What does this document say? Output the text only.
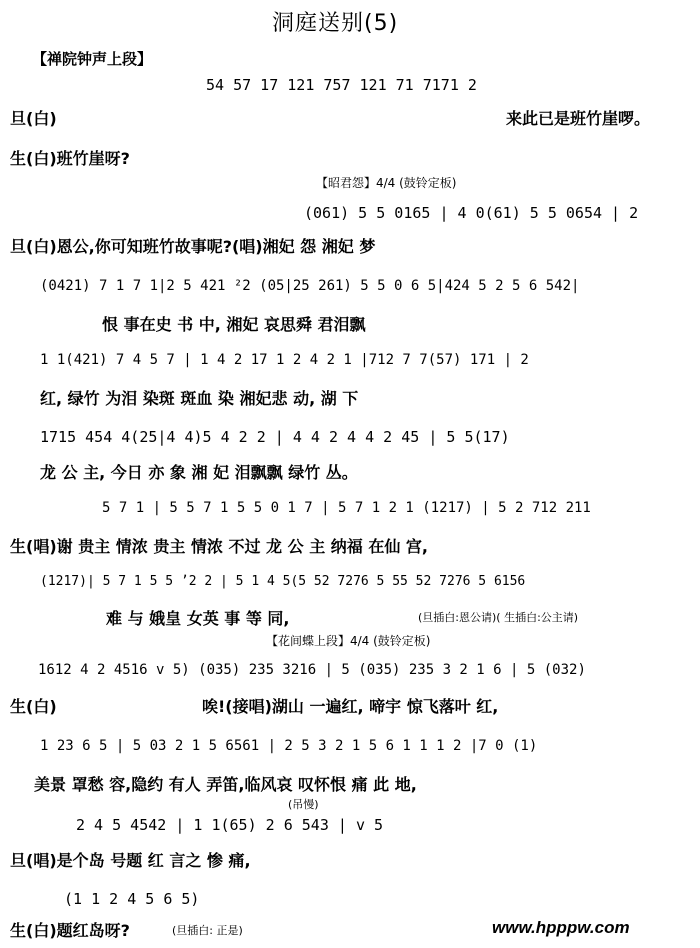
洞庭送别(5)
【禅院钟声上段】
54 57 17 121 757 121 71 7171 2
旦(白)	来此已是班竹崖啰。
生(白)班竹崖呀?
【昭君怨】4/4 (鼓铃定板)
(061) 5 5 0165 | 4 0(61) 5 5 0654 | 2
旦(白)恩公,你可知班竹故事呢?(唱)湘妃 怨 湘妃 梦
(0421) 7 1 7 1|2 5 421 ²2 (05|25 261) 5 5 0 6 5|424 5 2 5 6 542|
恨 事在史 书 中, 湘妃 哀思舜 君泪飘
1 1(421) 7 4 5 7 | 1 4 2 17 1 2 4 2 1 |712 7 7(57) 171 | 2
红, 绿竹 为泪 染斑 斑血 染 湘妃悲 动, 湖 下
1715 454 4(25|4 4)5 4 2 2 | 4 4 2 4 4 2 45 | 5 5(17)
龙 公 主, 今日 亦 象 湘 妃 泪飘飘 绿竹 丛。
5 7 1 | 5 5 7 1 5 5 0 1 7 | 5 7 1 2 1 (1217) | 5 2 712 211
生(唱)谢 贵主 情浓 贵主 情浓 不过 龙 公 主 纳福 在仙 宫,
(1217)| 5 7 1 5 5 ʼ2 2 | 5 1 4 5(5 52 7276 5 55 52 7276 5 6156
难 与 娥皇 女英 事 等 同,	(旦插白:恩公请)( 生插白:公主请)
【花间蝶上段】4/4 (鼓铃定板)
1612 4 2 4516 v 5) (035) 235 3216 | 5 (035) 235 3 2 1 6 | 5 (032)
生(白)	唉!(接唱)湖山 一遍红, 啼宇 惊飞落叶 红,
1 23 6 5 | 5 03 2 1 5 6561 | 2 5 3 2 1 5 6 1 1 1 2 |7 0 (1)
美景 罩愁 容,隐约 有人 弄笛,临风哀 叹怀恨 痛 此 地,
(吊慢)
2 4 5 4542 | 1 1(65) 2 6 543 | v 5
旦(唱)是个岛 号题 红 言之 惨 痛,
(1 1 2 4 5 6 5)
生(白)题红岛呀?	(旦插白: 正是)	www.hpppw.com
